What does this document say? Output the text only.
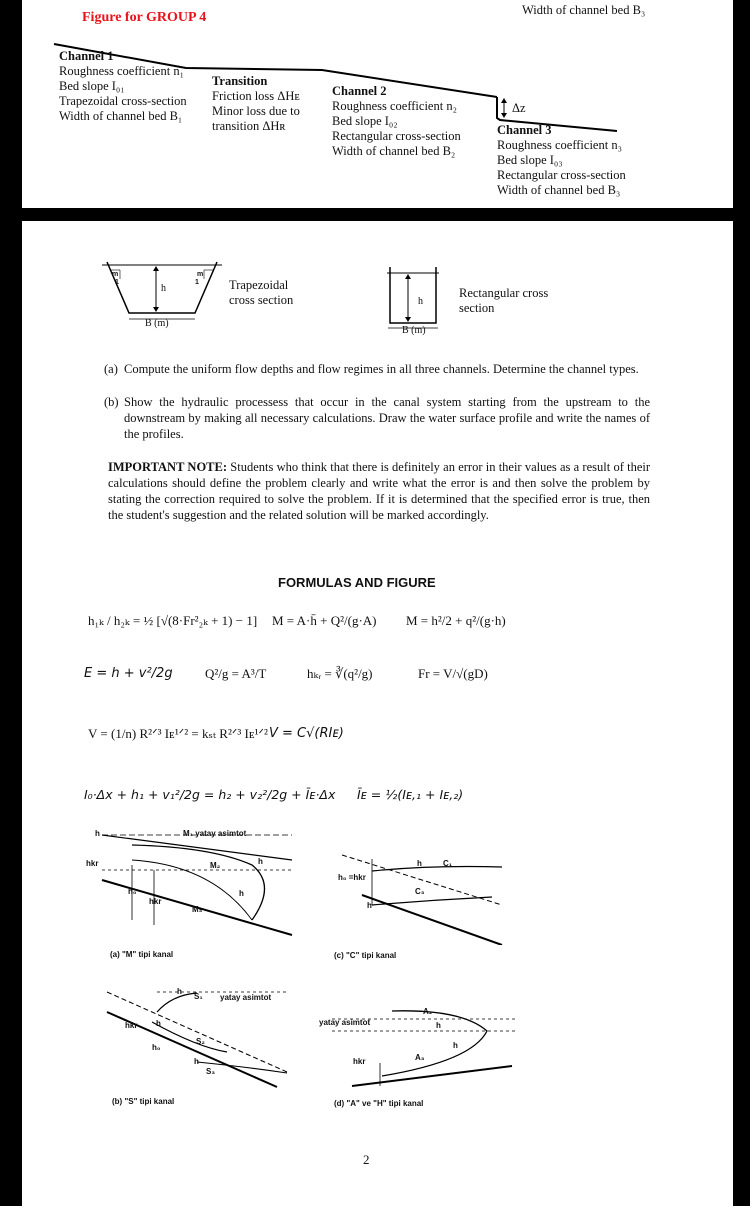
Width of channel bed B₃
Figure for GROUP 4
Δz
Channel 1
Roughness coefficient n₁
Bed slope I₀₁
Trapezoidal cross-section
Width of channel bed B₁
Transition
Friction loss ΔHᴇ
Minor loss due to
transition ΔHʀ
Channel 2
Roughness coefficient n₂
Bed slope I₀₂
Rectangular cross-section
Width of channel bed B₂
Channel 3
Roughness coefficient n₃
Bed slope I₀₃
Rectangular cross-section
Width of channel bed B₃
m
1
m
1
h
B (m)
Trapezoidal
cross section	h
B (m)
Rectangular cross
section
(a) Compute the uniform flow depths and flow regimes in all three channels. Determine the channel types.
(b) Show the hydraulic processess that occur in the canal system starting from the upstream to the downstream by making all necessary calculations. Draw the water surface profile and write the names of the profiles.
IMPORTANT NOTE: Students who think that there is definitely an error in their values as a result of their calculations should define the problem clearly and write what the error is and then solve the problem by stating the correction required to solve the problem. If it is determined that the specified error is true, then the student's suggestion and the related solution will be marked accordingly.
FORMULAS AND FIGURE
h₁ₖ / h₂ₖ = ½ [√(8·Fr²₂ₖ + 1) − 1] M = A·h̄ + Q²/(g·A) M = h²/2 + q²/(g·h)
E = h + v²/2g Q²/g = A³/T	hₖᵣ = ∛(q²/g)	Fr = V/√(gD)
V = (1/n) R²ᐟ³ Iᴇ¹ᐟ² = kₛₜ R²ᐟ³ Iᴇ¹ᐟ² V = C√(RIᴇ)
I₀·Δx + h₁ + v₁²/2g = h₂ + v₂²/2g + Īᴇ·Δx Īᴇ = ½(Iᴇ,₁ + Iᴇ,₂)
M₁ yatay asimtot
h
hkr	M₂	h
h₀
hkr
h
M₃
(a) "M" tipi kanal
h₀ =hkr
h	C₁
h
C₃
(c) "C" tipi kanal
h
S₁ yatay asimtot
hkr h
h₀
S₂
h
S₃
(b) "S" tipi kanal
yatay asimtot
A₂
h
h
hkr	A₃
(d) "A" ve "H" tipi kanal
2
